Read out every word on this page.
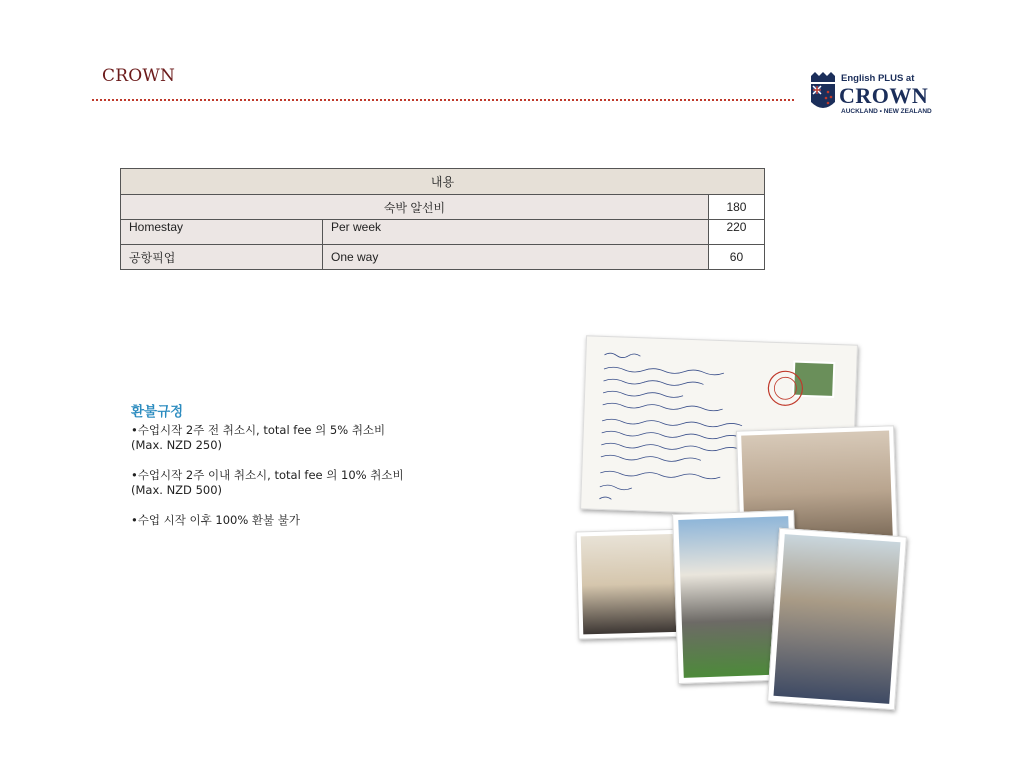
CROWN	English PLUS at
CROWN
AUCKLAND • NEW ZEALAND
내용		
숙박 알선비		180
Homestay	Per week	220
공항픽업	One way	60
환불규정
•수업시작 2주 전 취소시, total fee 의 5% 취소비
(Max. NZD 250)
•수업시작 2주 이내 취소시, total fee 의 10% 취소비
(Max. NZD 500)
•수업 시작 이후 100% 환불 불가
